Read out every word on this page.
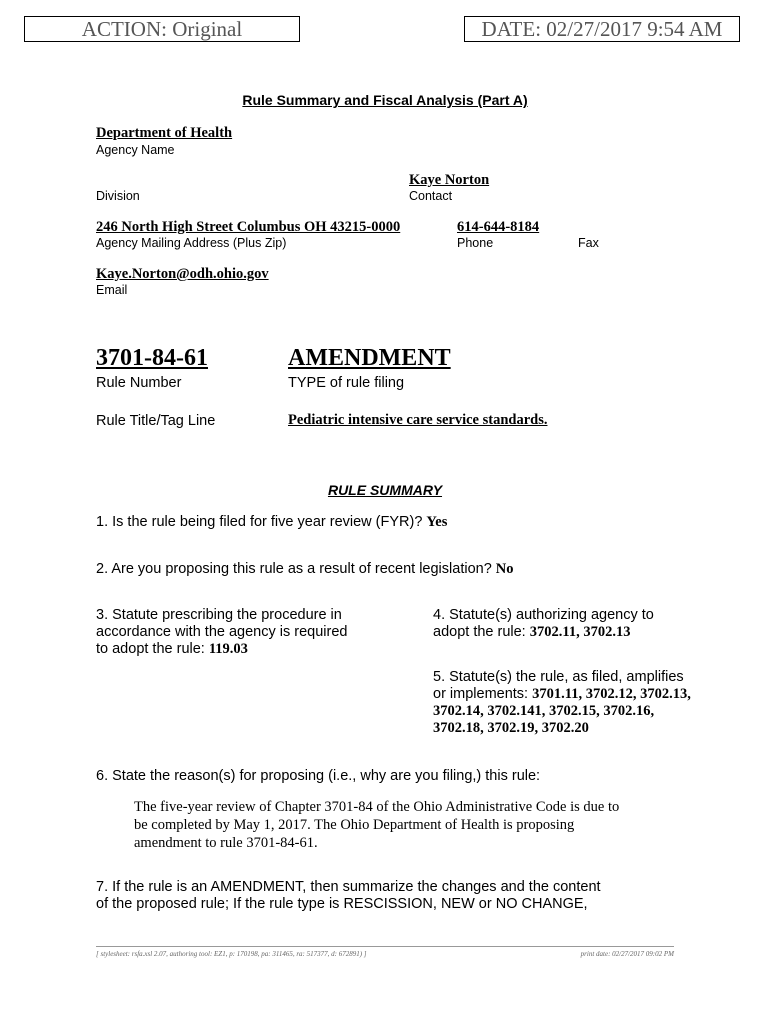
ACTION: Original	DATE: 02/27/2017 9:54 AM
Rule Summary and Fiscal Analysis (Part A)
Department of Health
Agency Name
Kaye Norton
Division	Contact
246 North High Street Columbus OH 43215-0000	614-644-8184
Agency Mailing Address (Plus Zip)	Phone	Fax
Kaye.Norton@odh.ohio.gov
Email
3701-84-61	AMENDMENT
Rule Number	TYPE of rule filing
Rule Title/Tag Line	Pediatric intensive care service standards.
RULE SUMMARY
1. Is the rule being filed for five year review (FYR)? Yes
2. Are you proposing this rule as a result of recent legislation? No
3. Statute prescribing the procedure in
accordance with the agency is required
to adopt the rule: 119.03
4. Statute(s) authorizing agency to
adopt the rule: 3702.11, 3702.13
5. Statute(s) the rule, as filed, amplifies
or implements: 3701.11, 3702.12, 3702.13,
3702.14, 3702.141, 3702.15, 3702.16,
3702.18, 3702.19, 3702.20
6. State the reason(s) for proposing (i.e., why are you filing,) this rule:
The five-year review of Chapter 3701-84 of the Ohio Administrative Code is due to
be completed by May 1, 2017. The Ohio Department of Health is proposing
amendment to rule 3701-84-61.
7. If the rule is an AMENDMENT, then summarize the changes and the content
of the proposed rule; If the rule type is RESCISSION, NEW or NO CHANGE,
[ stylesheet: rsfa.xsl 2.07, authoring tool: EZ1, p: 170198, pa: 311465, ra: 517377, d: 672891) ]	print date: 02/27/2017 09:02 PM
